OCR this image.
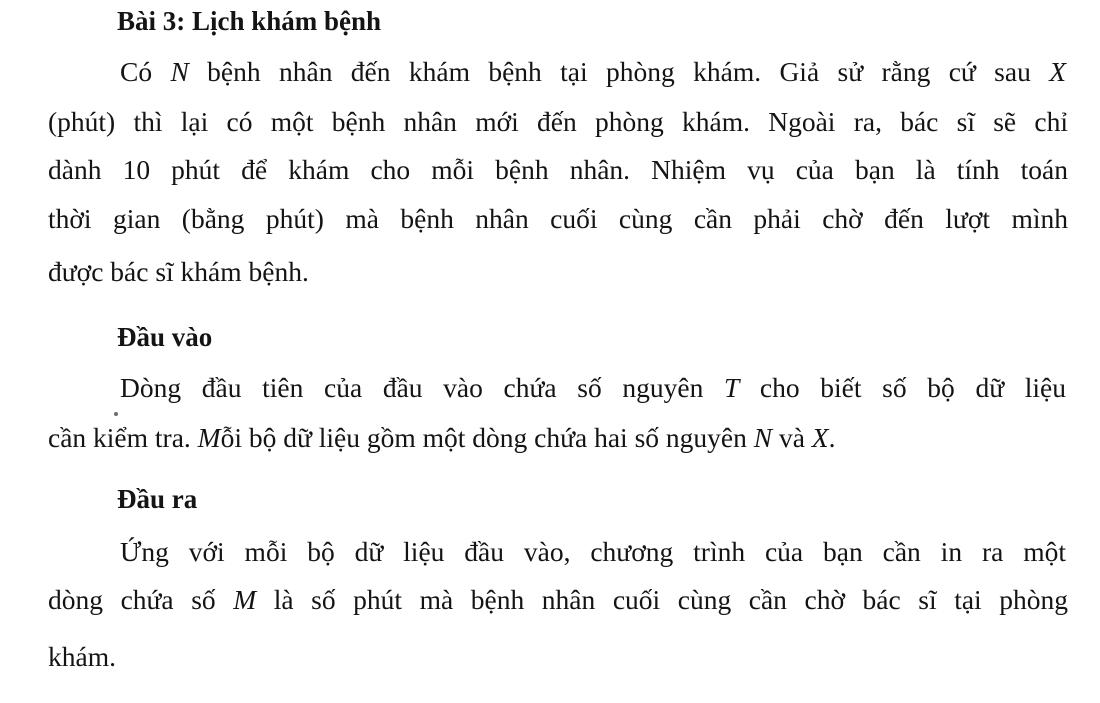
Bài 3: Lịch khám bệnh
Có N bệnh nhân đến khám bệnh tại phòng khám. Giả sử rằng cứ sau X
(phút) thì lại có một bệnh nhân mới đến phòng khám. Ngoài ra, bác sĩ sẽ chỉ
dành 10 phút để khám cho mỗi bệnh nhân. Nhiệm vụ của bạn là tính toán
thời gian (bằng phút) mà bệnh nhân cuối cùng cần phải chờ đến lượt mình
được bác sĩ khám bệnh.
Đầu vào
Dòng đầu tiên của đầu vào chứa số nguyên T cho biết số bộ dữ liệu
cần kiểm tra. Mỗi bộ dữ liệu gồm một dòng chứa hai số nguyên N và X.
Đầu ra
Ứng với mỗi bộ dữ liệu đầu vào, chương trình của bạn cần in ra một
dòng chứa số M là số phút mà bệnh nhân cuối cùng cần chờ bác sĩ tại phòng
khám.
